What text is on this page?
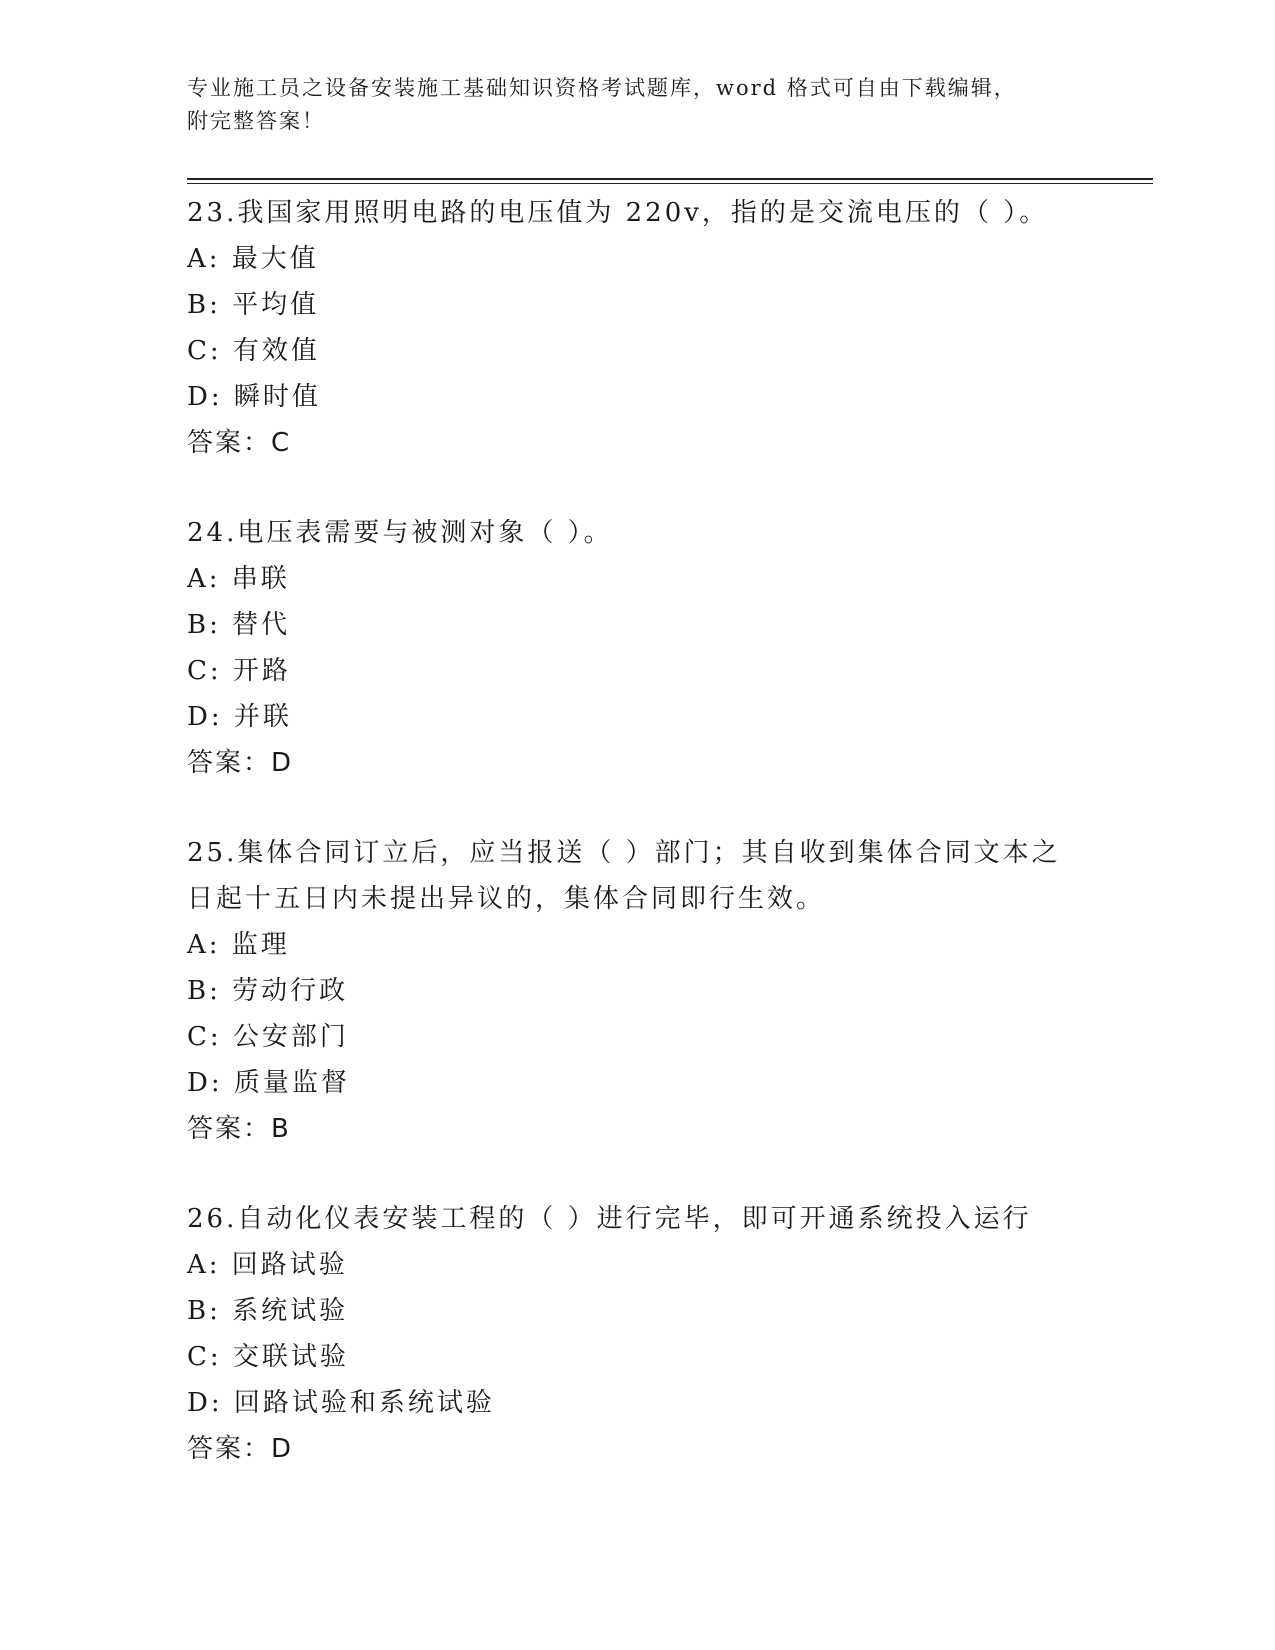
专业施工员之设备安装施工基础知识资格考试题库，word 格式可自由下载编辑，
附完整答案！
23.我国家用照明电路的电压值为 220v，指的是交流电压的（ ）。
A: 最大值
B: 平均值
C: 有效值
D: 瞬时值
答案：C
24.电压表需要与被测对象（ ）。
A: 串联
B: 替代
C: 开路
D: 并联
答案：D
25.集体合同订立后，应当报送（ ）部门；其自收到集体合同文本之
日起十五日内未提出异议的，集体合同即行生效。
A: 监理
B: 劳动行政
C: 公安部门
D: 质量监督
答案：B
26.自动化仪表安装工程的（ ）进行完毕，即可开通系统投入运行
A: 回路试验
B: 系统试验
C: 交联试验
D: 回路试验和系统试验
答案：D
